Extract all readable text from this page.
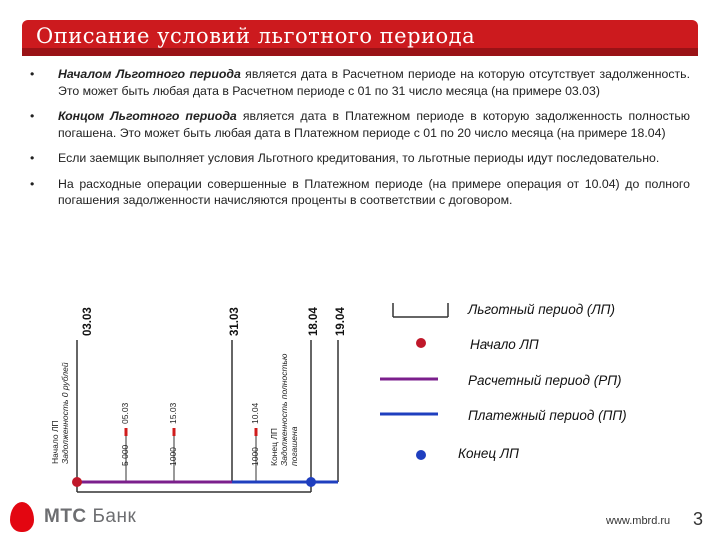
Описание условий льготного периода
• Началом Льготного периода является дата в Расчетном периоде на которую отсутствует задолженность. Это может быть любая дата в Расчетном периоде с 01 по 31 число месяца (на примере 03.03)
• Концом Льготного периода является дата в Платежном периоде в которую задолженность полностью погашена. Это может быть любая дата в Платежном периоде с 01 по 20 число месяца (на примере 18.04)
• Если заемщик выполняет условия Льготного кредитования, то льготные периоды идут последовательно.
• На расходные операции совершенные в Платежном периоде (на примере операция от 10.04) до полного погашения задолженности начисляются проценты в соответствии с договором.
03.03	31.03	18.04 19.04
Начало ЛП Задолженность 0 рублей	5 000
05.03
1000
15.03
1000
10.04
Конец ЛП Задолженность полностью погашена
Льготный период (ЛП)
Начало ЛП
Расчетный период (РП)
Платежный период (ПП)
Конец ЛП
МТС Банк	www.mbrd.ru 3
